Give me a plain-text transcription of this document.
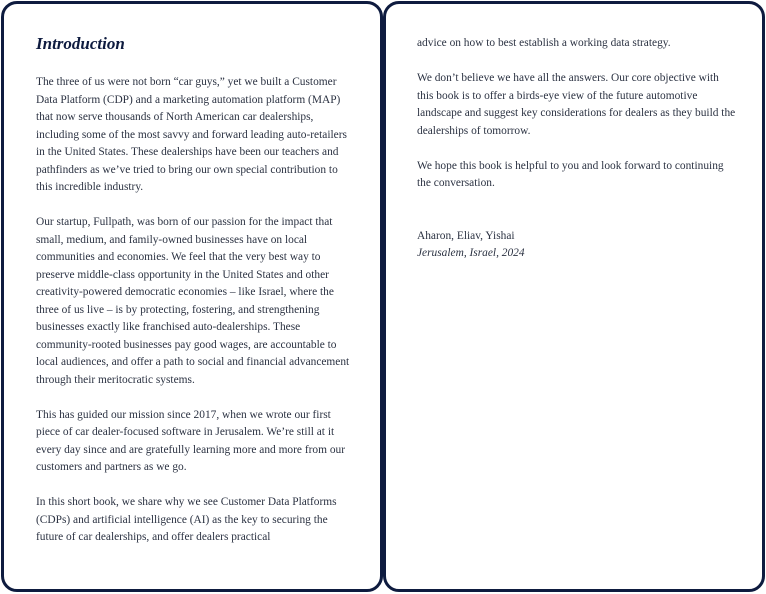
Introduction

The three of us were not born “car guys,” yet we built a Customer Data Platform (CDP) and a marketing automation platform (MAP) that now serve thousands of North American car dealerships, including some of the most savvy and forward leading auto-retailers in the United States. These dealerships have been our teachers and pathfinders as we’ve tried to bring our own special contribution to this incredible industry.

Our startup, Fullpath, was born of our passion for the impact that small, medium, and family-owned businesses have on local communities and economies. We feel that the very best way to preserve middle-class opportunity in the United States and other creativity-powered democratic economies – like Israel, where the three of us live – is by protecting, fostering, and strengthening businesses exactly like franchised auto-dealerships. These community-rooted businesses pay good wages, are accountable to local audiences, and offer a path to social and financial advancement through their meritocratic systems.

This has guided our mission since 2017, when we wrote our first piece of car dealer-focused software in Jerusalem. We’re still at it every day since and are gratefully learning more and more from our customers and partners as we go.

In this short book, we share why we see Customer Data Platforms (CDPs) and artificial intelligence (AI) as the key to securing the future of car dealerships, and offer dealers practical

advice on how to best establish a working data strategy.

We don’t believe we have all the answers. Our core objective with this book is to offer a birds-eye view of the future automotive landscape and suggest key considerations for dealers as they build the dealerships of tomorrow.

We hope this book is helpful to you and look forward to continuing the conversation.

Aharon, Eliav, Yishai
Jerusalem, Israel, 2024
